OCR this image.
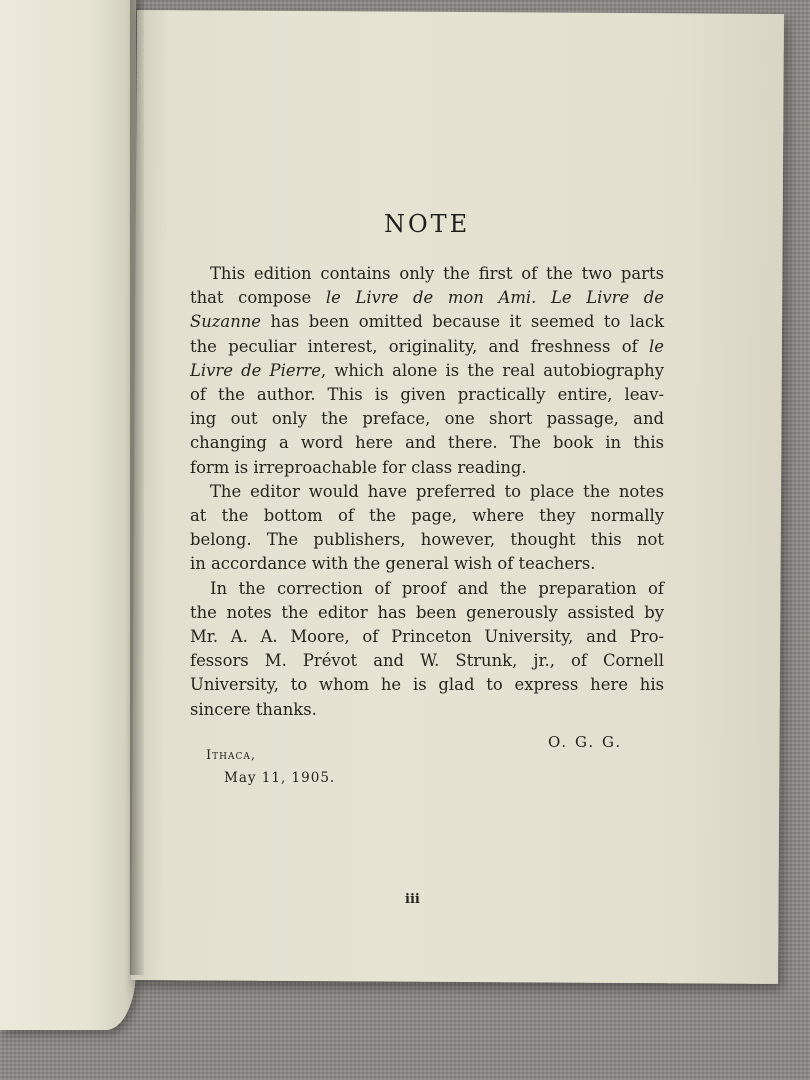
NOTE
This edition contains only the first of the two parts
that compose le Livre de mon Ami. Le Livre de
Suzanne has been omitted because it seemed to lack
the peculiar interest, originality, and freshness of le
Livre de Pierre, which alone is the real autobiography
of the author. This is given practically entire, leav-
ing out only the preface, one short passage, and
changing a word here and there. The book in this
form is irreproachable for class reading.
The editor would have preferred to place the notes
at the bottom of the page, where they normally
belong. The publishers, however, thought this not
in accordance with the general wish of teachers.
In the correction of proof and the preparation of
the notes the editor has been generously assisted by
Mr. A. A. Moore, of Princeton University, and Pro-
fessors M. Prévot and W. Strunk, jr., of Cornell
University, to whom he is glad to express here his
sincere thanks.
O. G. G.
Ithaca,
May 11, 1905.
iii
